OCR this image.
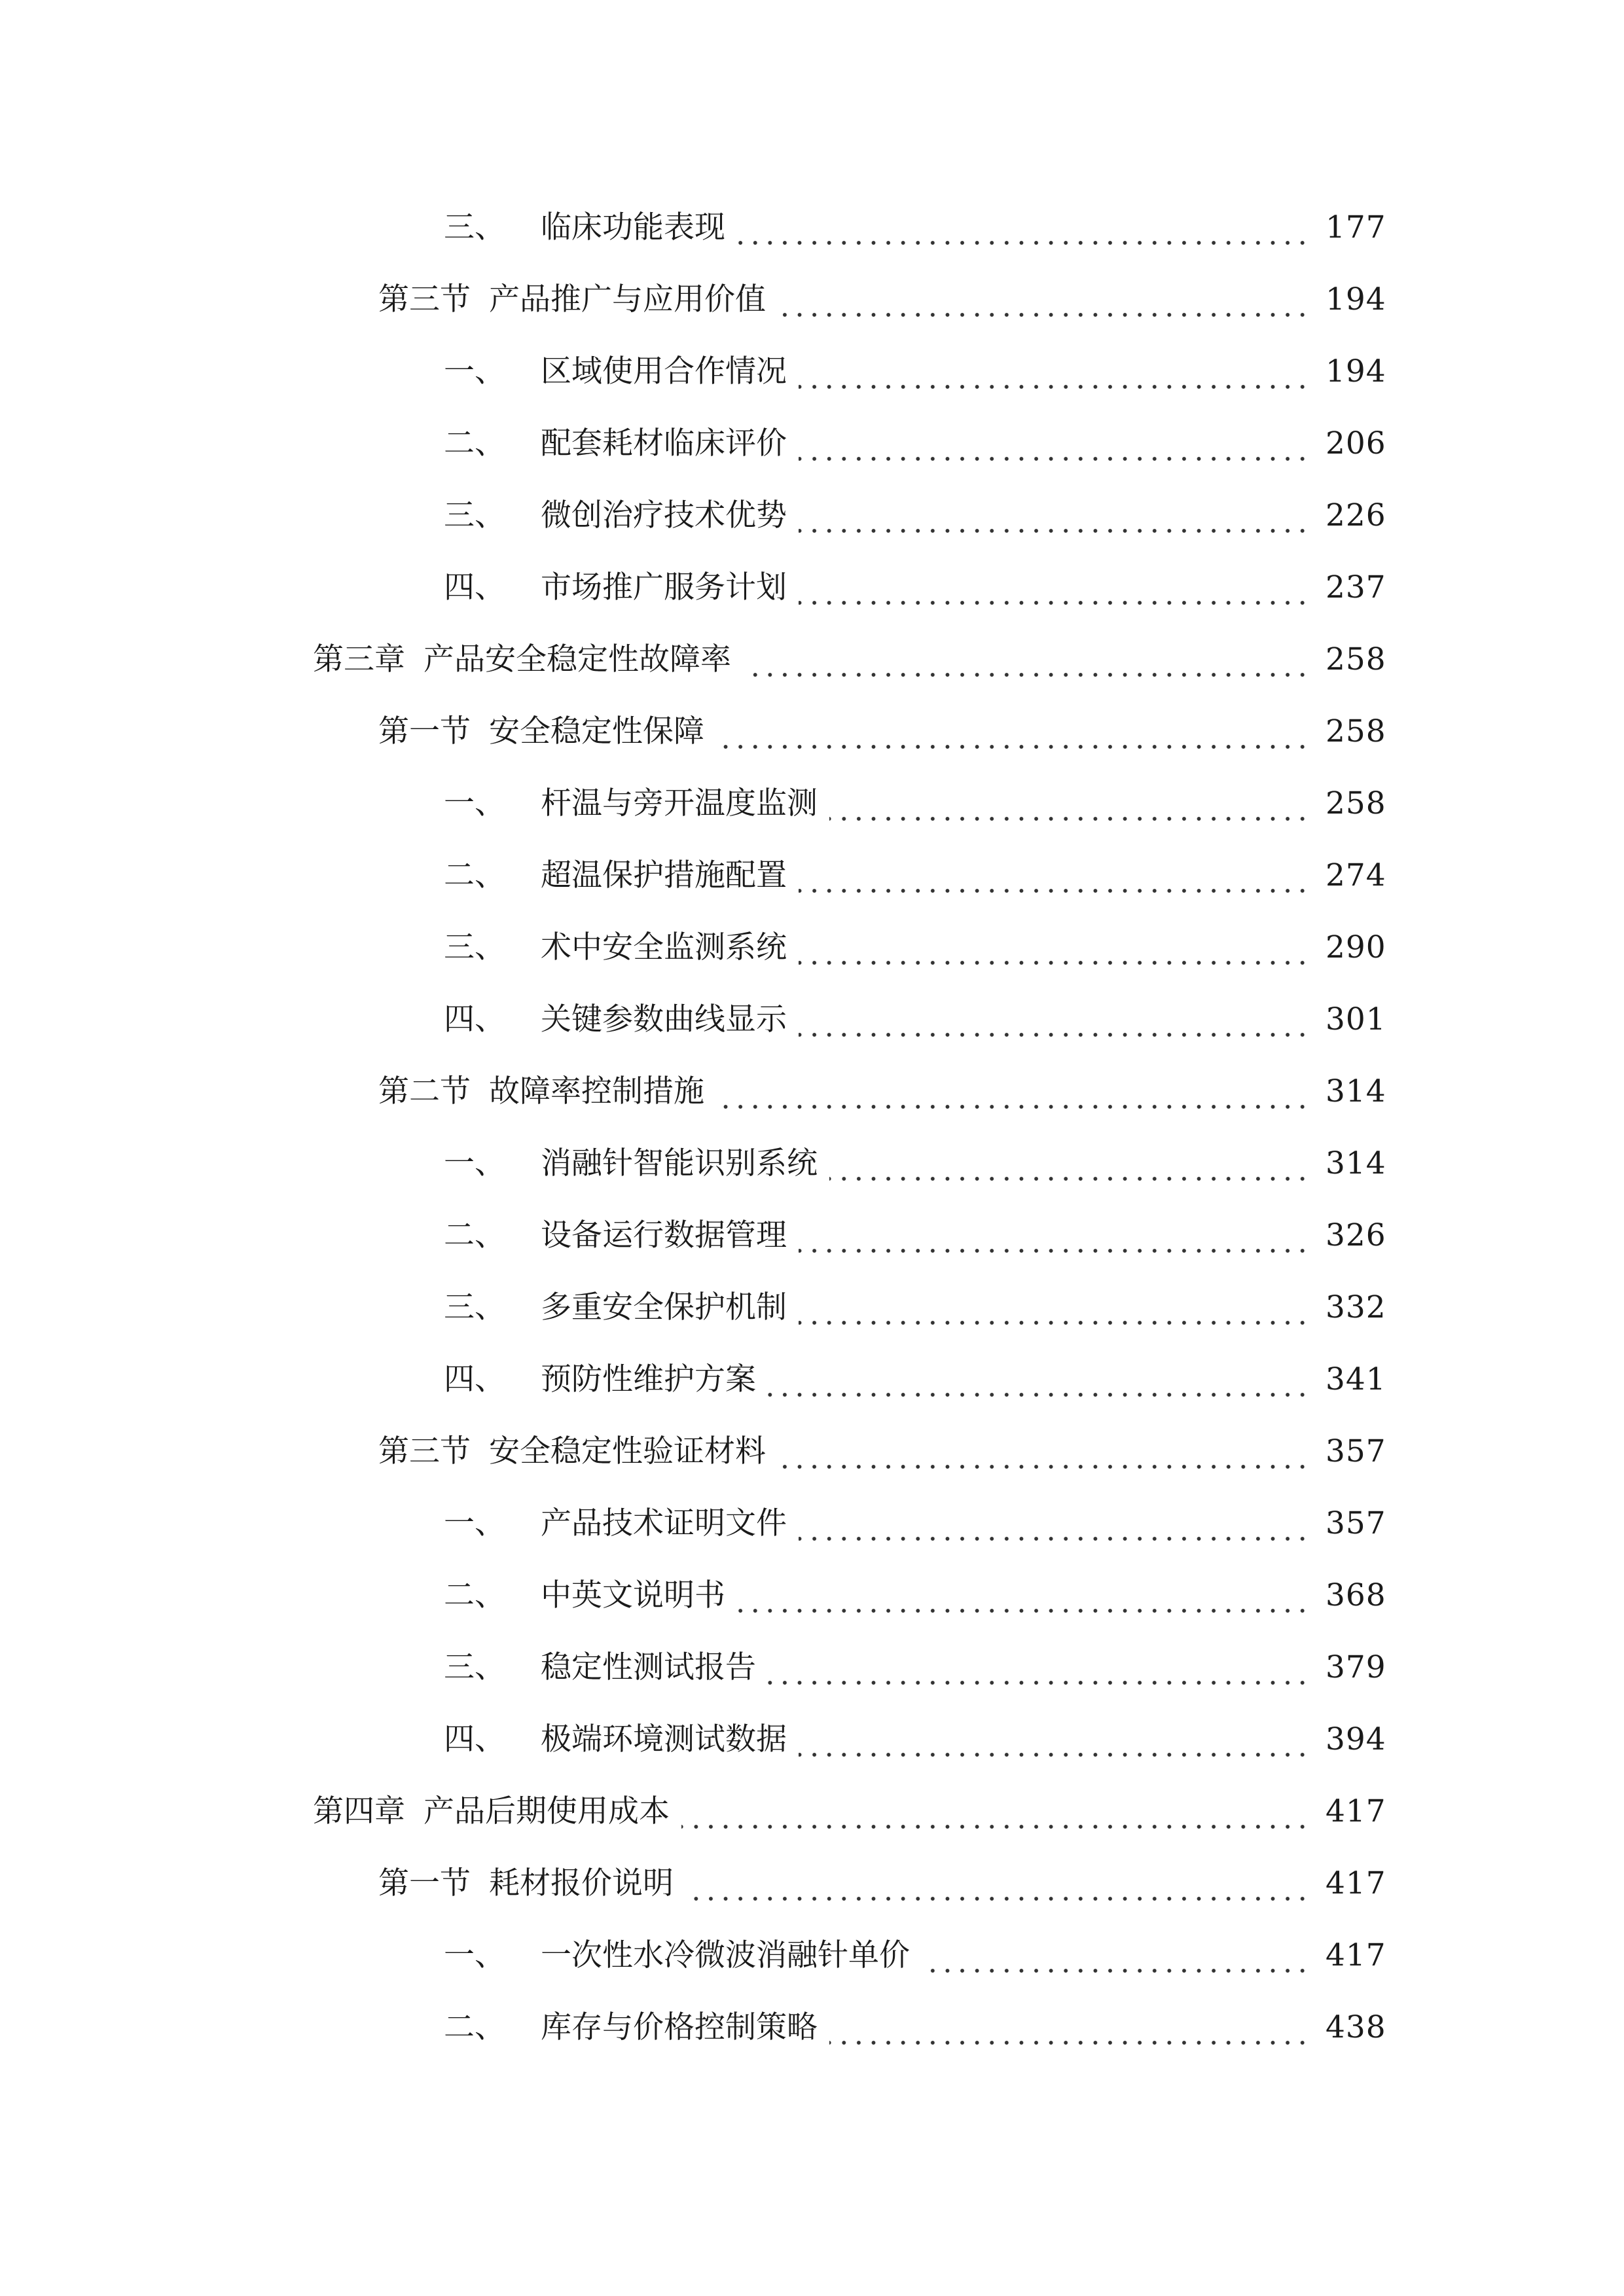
三、 临床功能表现	177
第三节 产品推广与应用价值	194
一、 区域使用合作情况	194
二、 配套耗材临床评价	206
三、 微创治疗技术优势	226
四、 市场推广服务计划	237
第三章 产品安全稳定性故障率	258
第一节 安全稳定性保障	258
一、 杆温与旁开温度监测	258
二、 超温保护措施配置	274
三、 术中安全监测系统	290
四、 关键参数曲线显示	301
第二节 故障率控制措施	314
一、 消融针智能识别系统	314
二、 设备运行数据管理	326
三、 多重安全保护机制	332
四、 预防性维护方案	341
第三节 安全稳定性验证材料	357
一、 产品技术证明文件	357
二、 中英文说明书	368
三、 稳定性测试报告	379
四、 极端环境测试数据	394
第四章 产品后期使用成本	417
第一节 耗材报价说明	417
一、 一次性水冷微波消融针单价	417
二、 库存与价格控制策略	438
